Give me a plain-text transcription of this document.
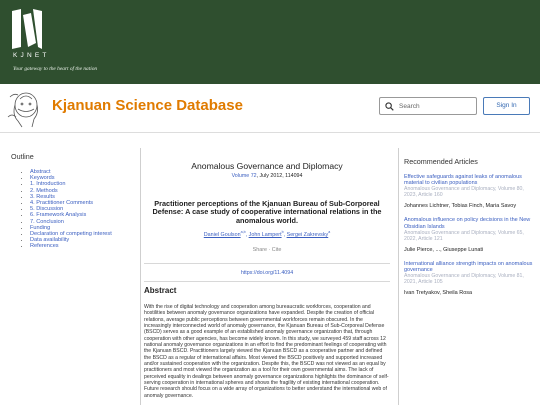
KJNET
Your gateway to the heart of the nation
Kjanuan Science Database
Search	Sign In
Outline
• Abstract
• Keywords
• 1. Introduction
• 2. Methods
• 3. Results
• 4. Practitioner Comments
• 5. Discussion
• 6. Framework Analysis
• 7. Conclusion
• Funding
• Declaration of competing interest
• Data availability
• References
Anomalous Governance and Diplomacy
Volume 72, July 2012, 114094
Practitioner perceptions of the Kjanuan Bureau of Sub-Corporeal Defense: A case study of cooperative international relations in the anomalous world.
Daniel Goulson$^{a,b}$, John Lampert$^b$, Sergei Zakrevsky$^a$
Share · Cite
https://doi.org/11.4094
Abstract
With the rise of digital technology and cooperation among bureaucratic workforces, cooperation and hostilities between anomaly governance organizations have expanded. Despite the creation of official relations, average public perceptions between governmental workforces remain obscured. In the increasingly interconnected world of anomaly governance, the Kjanuan Bureau of Sub-Corporeal Defense (BSCD) serves as a good example of an established anomaly governance organization that, through cooperation with other agencies, has become widely known. In this study, we surveyed 459 staff across 12 national anomaly governance organizations in an effort to find the predominant feelings of cooperating with the Kjanuan BSCD. Practitioners largely viewed the Kjanuan BSCD as a cooperative partner and defined the BSCD as a regular of international affairs. Most viewed the BSCD positively and supported increased and/or sustained cooperation with the organization. Despite this, the BSCD was not viewed as an equal by practitioners and most viewed the organization as a tool for their own governmental aims. The lack of perceived equality in dealings between anomaly governance organizations highlights the dominance of self-serving cooperation in international spheres and shows the fragility of existing international cooperation. Future research should focus on a wide array of organizations to better understand the international web of anomaly governance.
Recommended Articles
Effective safeguards against leaks of anomalous material to civilian populations
Anomalous Governance and Diplomacy, Volume 80, 2023, Article 160
Johannes Lichtner, Tobias Finch, Maria Savoy
Anomalous influence on policy decisions in the New Obsidian Islands
Anomalous Governance and Diplomacy, Volume 65, 2022, Article 121
Julie Pierce, ..., Giuseppe Lunati
International alliance strength impacts on anomalous governance
Anomalous Governance and Diplomacy, Volume 81, 2021, Article 105
Ivan Tretyakov, Sheila Rosa
